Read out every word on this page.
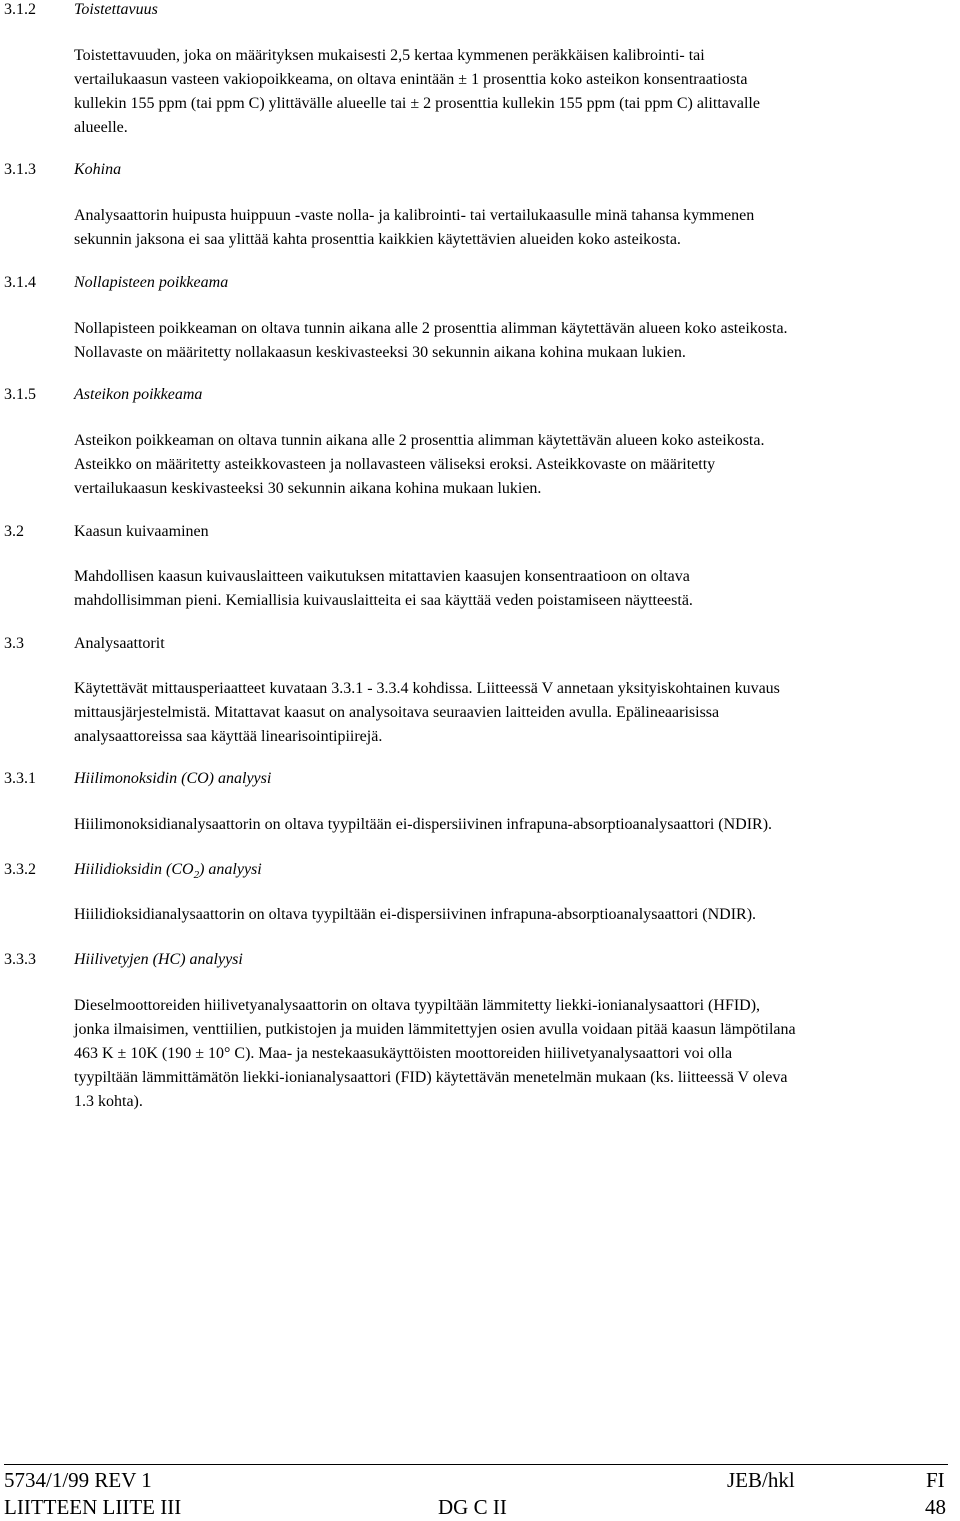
3.1.2 Toistettavuus

Toistettavuuden, joka on määrityksen mukaisesti 2,5 kertaa kymmenen peräkkäisen kalibrointi- tai

vertailukaasun vasteen vakiopoikkeama, on oltava enintään ± 1 prosenttia koko asteikon konsentraatiosta

kullekin 155 ppm (tai ppm C) ylittävälle alueelle tai ± 2 prosenttia kullekin 155 ppm (tai ppm C) alittavalle

alueelle.

3.1.3 Kohina

Analysaattorin huipusta huippuun -vaste nolla- ja kalibrointi- tai vertailukaasulle minä tahansa kymmenen

sekunnin jaksona ei saa ylittää kahta prosenttia kaikkien käytettävien alueiden koko asteikosta.

3.1.4 Nollapisteen poikkeama

Nollapisteen poikkeaman on oltava tunnin aikana alle 2 prosenttia alimman käytettävän alueen koko asteikosta.

Nollavaste on määritetty nollakaasun keskivasteeksi 30 sekunnin aikana kohina mukaan lukien.

3.1.5 Asteikon poikkeama

Asteikon poikkeaman on oltava tunnin aikana alle 2 prosenttia alimman käytettävän alueen koko asteikosta.

Asteikko on määritetty asteikkovasteen ja nollavasteen väliseksi eroksi. Asteikkovaste on määritetty

vertailukaasun keskivasteeksi 30 sekunnin aikana kohina mukaan lukien.

3.2	Kaasun kuivaaminen

Mahdollisen kaasun kuivauslaitteen vaikutuksen mitattavien kaasujen konsentraatioon on oltava

mahdollisimman pieni. Kemiallisia kuivauslaitteita ei saa käyttää veden poistamiseen näytteestä.

3.3	Analysaattorit

Käytettävät mittausperiaatteet kuvataan 3.3.1 - 3.3.4 kohdissa. Liitteessä V annetaan yksityiskohtainen kuvaus

mittausjärjestelmistä. Mitattavat kaasut on analysoitava seuraavien laitteiden avulla. Epälineaarisissa

analysaattoreissa saa käyttää linearisointipiirejä.

3.3.1 Hiilimonoksidin (CO) analyysi

Hiilimonoksidianalysaattorin on oltava tyypiltään ei-dispersiivinen infrapuna-absorptioanalysaattori (NDIR).

3.3.2 Hiilidioksidin $(CO_2)$ analyysi

Hiilidioksidianalysaattorin on oltava tyypiltään ei-dispersiivinen infrapuna-absorptioanalysaattori (NDIR).

3.3.3 Hiilivetyjen (HC) analyysi

Dieselmoottoreiden hiilivetyanalysaattorin on oltava tyypiltään lämmitetty liekki-ionianalysaattori (HFID),

jonka ilmaisimen, venttiilien, putkistojen ja muiden lämmitettyjen osien avulla voidaan pitää kaasun lämpötilana

463 K ± 10K (190 ± 10° C). Maa- ja nestekaasukäyttöisten moottoreiden hiilivetyanalysaattori voi olla

tyypiltään lämmittämätön liekki-ionianalysaattori (FID) käytettävän menetelmän mukaan (ks. liitteessä V oleva

1.3 kohta).

5734/1/99 REV 1	JEB/hkl	FI
LIITTEEN LIITE III	DG C II	48
